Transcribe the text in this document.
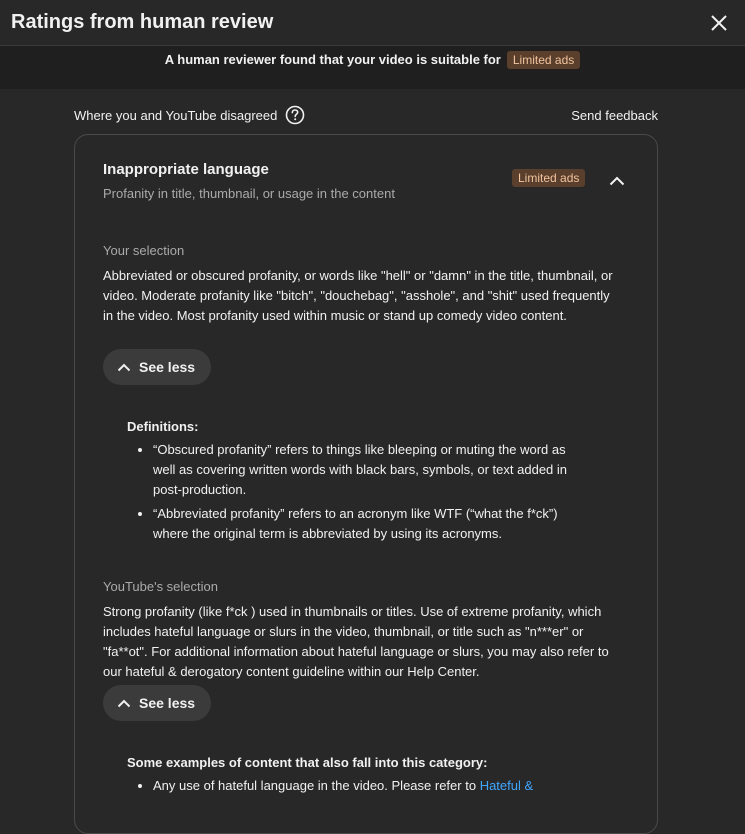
Ratings from human review
A human reviewer found that your video is suitable for	Limited ads
Where you and YouTube disagreed	Send feedback
Inappropriate language
Profanity in title, thumbnail, or usage in the content
Limited ads
Your selection
Abbreviated or obscured profanity, or words like "hell" or "damn" in the title, thumbnail, or video. Moderate profanity like "bitch", "douchebag", "asshole", and "shit" used frequently in the video. Most profanity used within music or stand up comedy video content.
See less
Definitions:
• “Obscured profanity” refers to things like bleeping or muting the word as well as covering written words with black bars, symbols, or text added in post-production.
• “Abbreviated profanity” refers to an acronym like WTF (“what the f*ck”) where the original term is abbreviated by using its acronyms.
YouTube's selection
Strong profanity (like f*ck ) used in thumbnails or titles. Use of extreme profanity, which includes hateful language or slurs in the video, thumbnail, or title such as "n***er" or "fa**ot". For additional information about hateful language or slurs, you may also refer to our hateful & derogatory content guideline within our Help Center.
See less
Some examples of content that also fall into this category:
• Any use of hateful language in the video. Please refer to Hateful &
